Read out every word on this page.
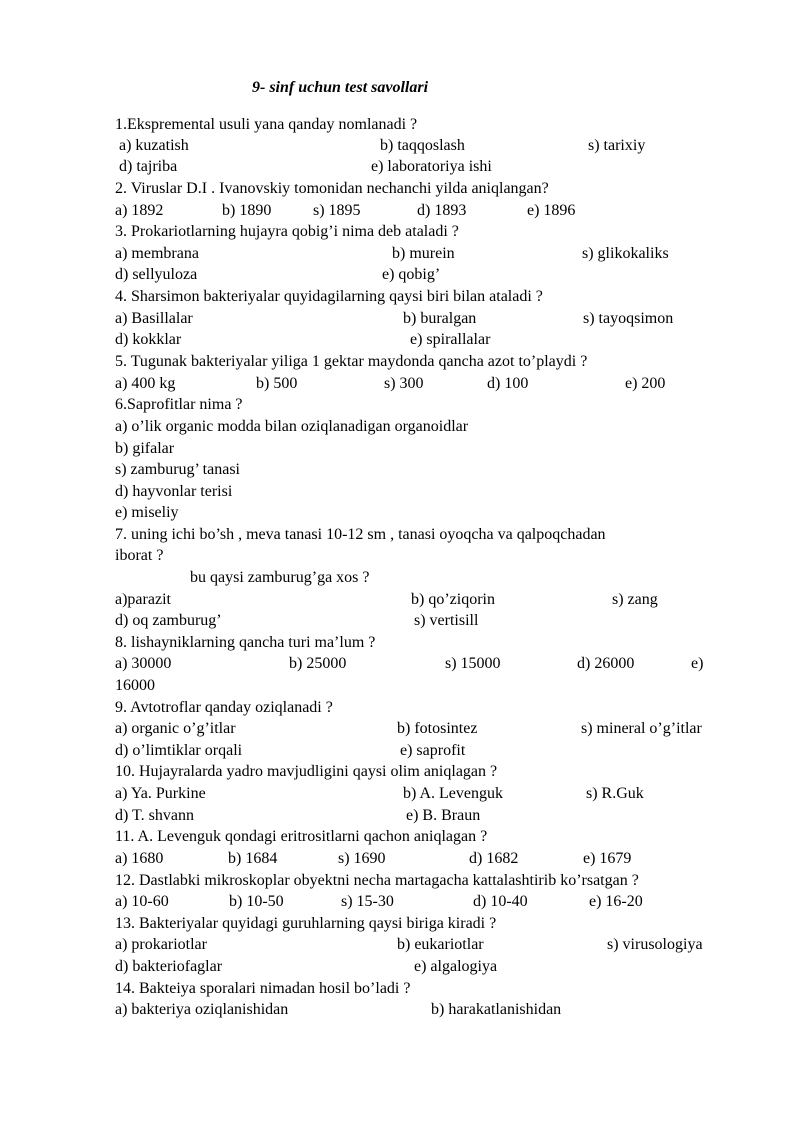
9- sinf uchun test savollari
1.Ekspremental usuli yana qanday nomlanadi ?
a) kuzatish	b) taqqoslash	s) tarixiy
d) tajriba	e) laboratoriya ishi
2. Viruslar D.I . Ivanovskiy tomonidan nechanchi yilda aniqlangan?
a) 1892	b) 1890	s) 1895	d) 1893	e) 1896
3. Prokariotlarning hujayra qobig’i nima deb ataladi ?
a) membrana	b) murein	s) glikokaliks
d) sellyuloza	e) qobig’
4. Sharsimon bakteriyalar quyidagilarning qaysi biri bilan ataladi ?
a) Basillalar	b) buralgan	s) tayoqsimon
d) kokklar	e) spirallalar
5. Tugunak bakteriyalar yiliga 1 gektar maydonda qancha azot to’playdi ?
a) 400 kg	b) 500	s) 300	d) 100	e) 200
6.Saprofitlar nima ?
a) o’lik organic modda bilan oziqlanadigan organoidlar
b) gifalar
s) zamburug’ tanasi
d) hayvonlar terisi
e) miseliy
7. uning ichi bo’sh , meva tanasi 10-12 sm , tanasi oyoqcha va qalpoqchadan
iborat ?
bu qaysi zamburug’ga xos ?
a)parazit	b) qo’ziqorin	s) zang
d) oq zamburug’	s) vertisill
8. lishayniklarning qancha turi ma’lum ?
a) 30000	b) 25000	s) 15000	d) 26000	e)
16000
9. Avtotroflar qanday oziqlanadi ?
a) organic o’g’itlar	b) fotosintez	s) mineral o’g’itlar
d) o’limtiklar orqali	e) saprofit
10. Hujayralarda yadro mavjudligini qaysi olim aniqlagan ?
a) Ya. Purkine	b) A. Levenguk	s) R.Guk
d) T. shvann	e) B. Braun
11. A. Levenguk qondagi eritrositlarni qachon aniqlagan ?
a) 1680	b) 1684	s) 1690	d) 1682	e) 1679
12. Dastlabki mikroskoplar obyektni necha martagacha kattalashtirib ko’rsatgan ?
a) 10-60	b) 10-50	s) 15-30	d) 10-40	e) 16-20
13. Bakteriyalar quyidagi guruhlarning qaysi biriga kiradi ?
a) prokariotlar	b) eukariotlar	s) virusologiya
d) bakteriofaglar	e) algalogiya
14. Bakteiya sporalari nimadan hosil bo’ladi ?
a) bakteriya oziqlanishidan	b) harakatlanishidan
